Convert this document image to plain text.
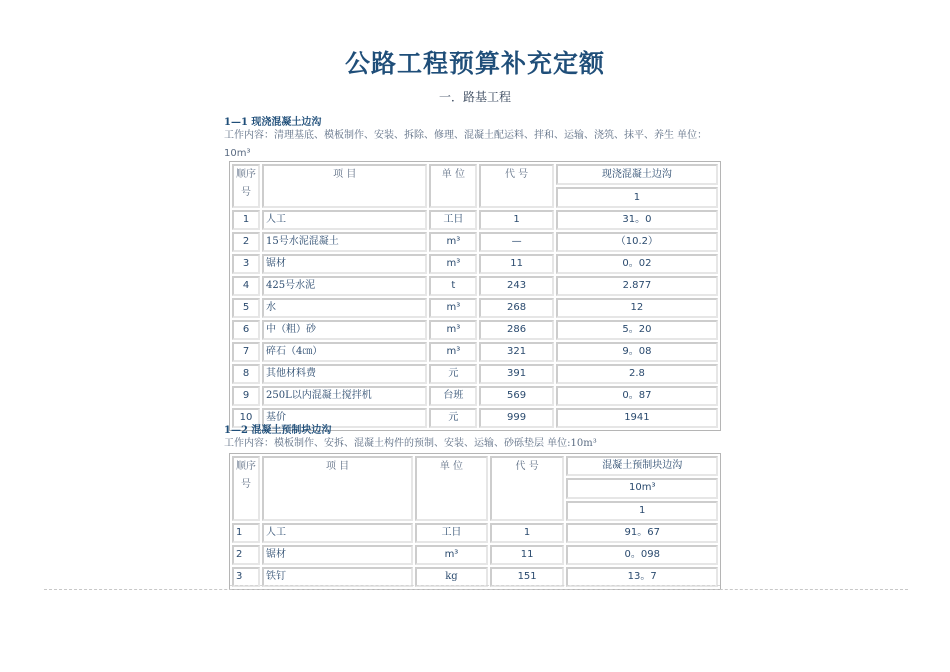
公路工程预算补充定额
一．路基工程
1—1 现浇混凝土边沟
工作内容：清理基底、模板制作、安装、拆除、修理、混凝土配运料、拌和、运输、浇筑、抹平、养生 单位：
10m³
顺序
号	项 目	单 位	代 号	现浇混凝土边沟
				1
1	人工	工日	1	31。0
2	15号水泥混凝土	m³	—	（10.2）
3	锯材	m³	11	0。02
4	425号水泥	t	243	2.877
5	水	m³	268	12
6	中（粗）砂	m³	286	5。20
7	碎石（4㎝）	m³	321	9。08
8	其他材料费	元	391	2.8
9	250L以内混凝土搅拌机	台班	569	0。87
10	基价	元	999	1941
1—2 混凝土预制块边沟
工作内容：模板制作、安拆、混凝土构件的预制、安装、运输、砂砾垫层 单位:10m³
顺序
号	项 目	单 位	代 号	混凝土预制块边沟
				10m³
				1
1	人工	工日	1	91。67
2	锯材	m³	11	0。098
3	铁钉	kg	151	13。7
